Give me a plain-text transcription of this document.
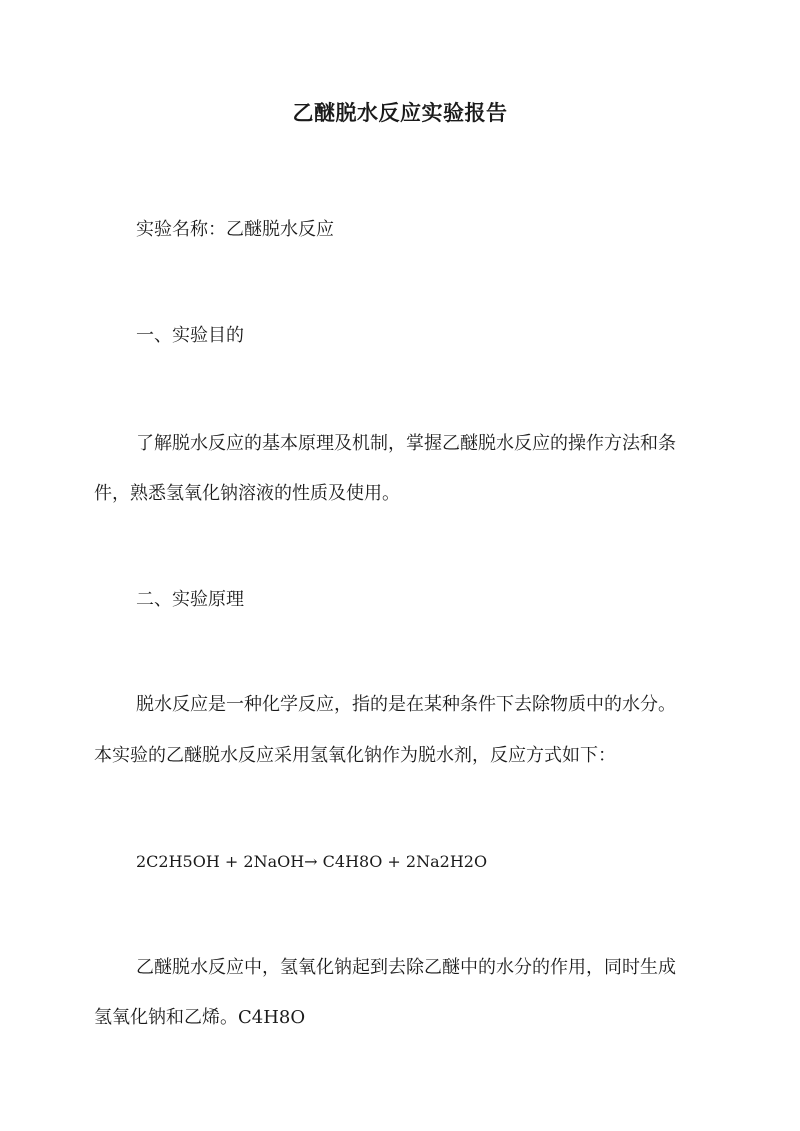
乙醚脱水反应实验报告
实验名称：乙醚脱水反应
一、实验目的
了解脱水反应的基本原理及机制，掌握乙醚脱水反应的操作方法和条
件，熟悉氢氧化钠溶液的性质及使用。
二、实验原理
脱水反应是一种化学反应，指的是在某种条件下去除物质中的水分。
本实验的乙醚脱水反应采用氢氧化钠作为脱水剂，反应方式如下：
2C2H5OH + 2NaOH→ C4H8O + 2Na2H2O
乙醚脱水反应中，氢氧化钠起到去除乙醚中的水分的作用，同时生成
氢氧化钠和乙烯。C4H8O
